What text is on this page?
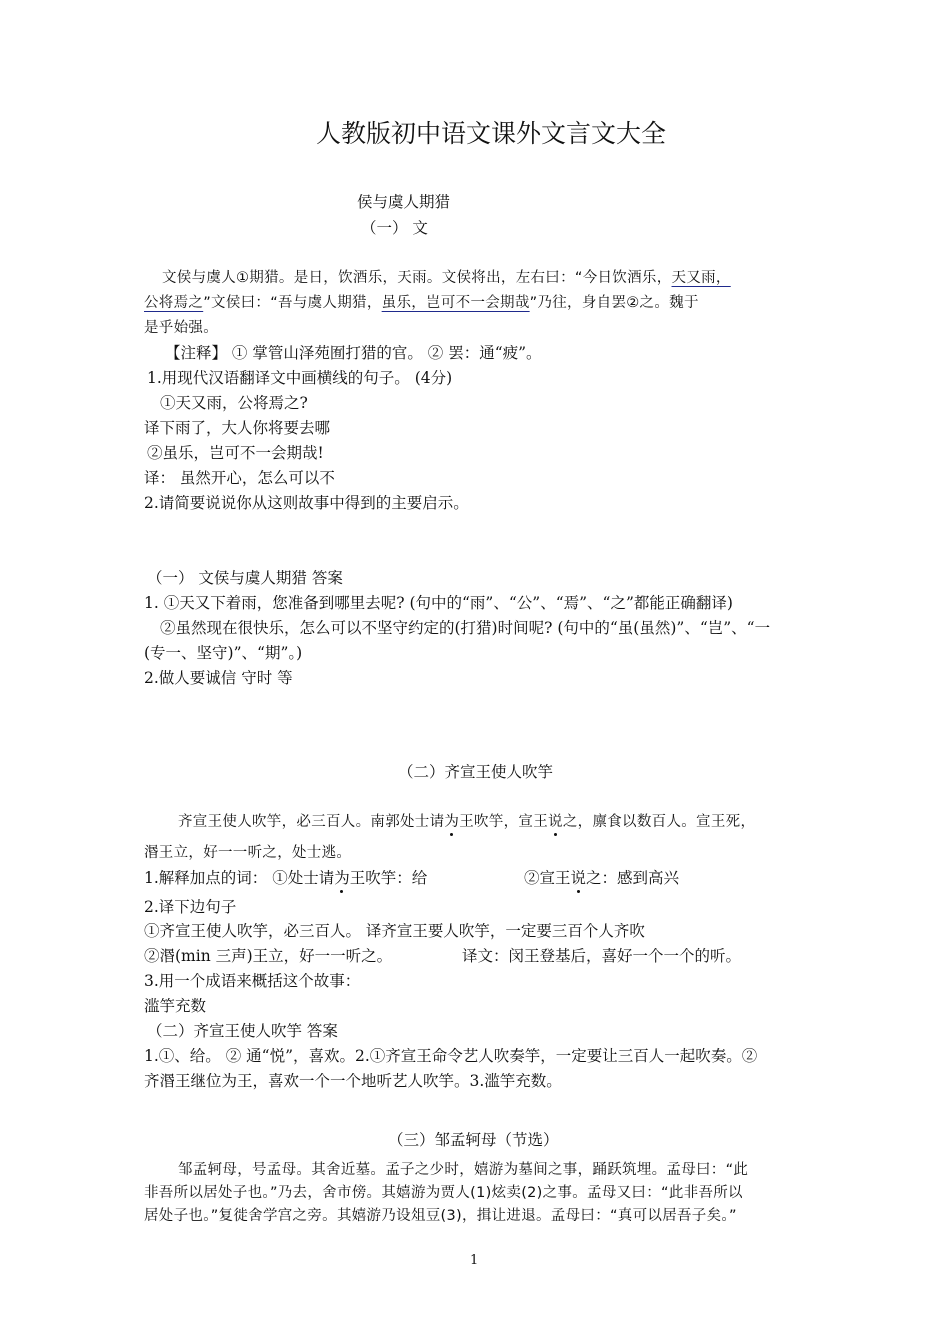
人教版初中语文课外文言文大全
侯与虞人期猎
（一） 文
文侯与虞人①期猎。是日，饮酒乐，天雨。文侯将出，左右曰：“今日饮酒乐，天又雨，
公将焉之”文侯曰：“吾与虞人期猎，虽乐，岂可不一会期哉”乃往，身自罢②之。魏于
是乎始强。
【注释】 ① 掌管山泽苑囿打猎的官。 ② 罢：通“疲”。
1.用现代汉语翻译文中画横线的句子。 (4分)
①天又雨，公将焉之?
译下雨了，大人你将要去哪
②虽乐，岂可不一会期哉!
译： 虽然开心，怎么可以不
2.请简要说说你从这则故事中得到的主要启示。
（一） 文侯与虞人期猎 答案
1. ①天又下着雨，您准备到哪里去呢? (句中的“雨”、“公”、“焉”、“之”都能正确翻译)
②虽然现在很快乐，怎么可以不坚守约定的(打猎)时间呢? (句中的“虽(虽然)”、“岂”、“一
(专一、坚守)”、“期”。)
2.做人要诚信 守时 等
（二）齐宣王使人吹竽
齐宣王使人吹竽，必三百人。南郭处士请为王吹竽，宣王说之，廪食以数百人。宣王死，
湣王立，好一一听之，处士逃。
1.解释加点的词： ①处士请为王吹竽：给	②宣王说之：感到高兴
2.译下边句子
①齐宣王使人吹竽，必三百人。 译齐宣王要人吹竽，一定要三百个人齐吹
②湣(min 三声)王立，好一一听之。	译文：闵王登基后，喜好一个一个的听。
3.用一个成语来概括这个故事：
滥竽充数
（二）齐宣王使人吹竽 答案
1.①、给。 ② 通“悦”，喜欢。2.①齐宣王命令艺人吹奏竽，一定要让三百人一起吹奏。②
齐湣王继位为王，喜欢一个一个地听艺人吹竽。3.滥竽充数。
（三）邹孟轲母（节选）
邹孟轲母，号孟母。其舍近墓。孟子之少时，嬉游为墓间之事，踊跃筑埋。孟母曰：“此
非吾所以居处子也。”乃去，舍市傍。其嬉游为贾人(1)炫卖(2)之事。孟母又曰：“此非吾所以
居处子也。”复徙舍学宫之旁。其嬉游乃设俎豆(3)，揖让进退。孟母曰：“真可以居吾子矣。”
1
